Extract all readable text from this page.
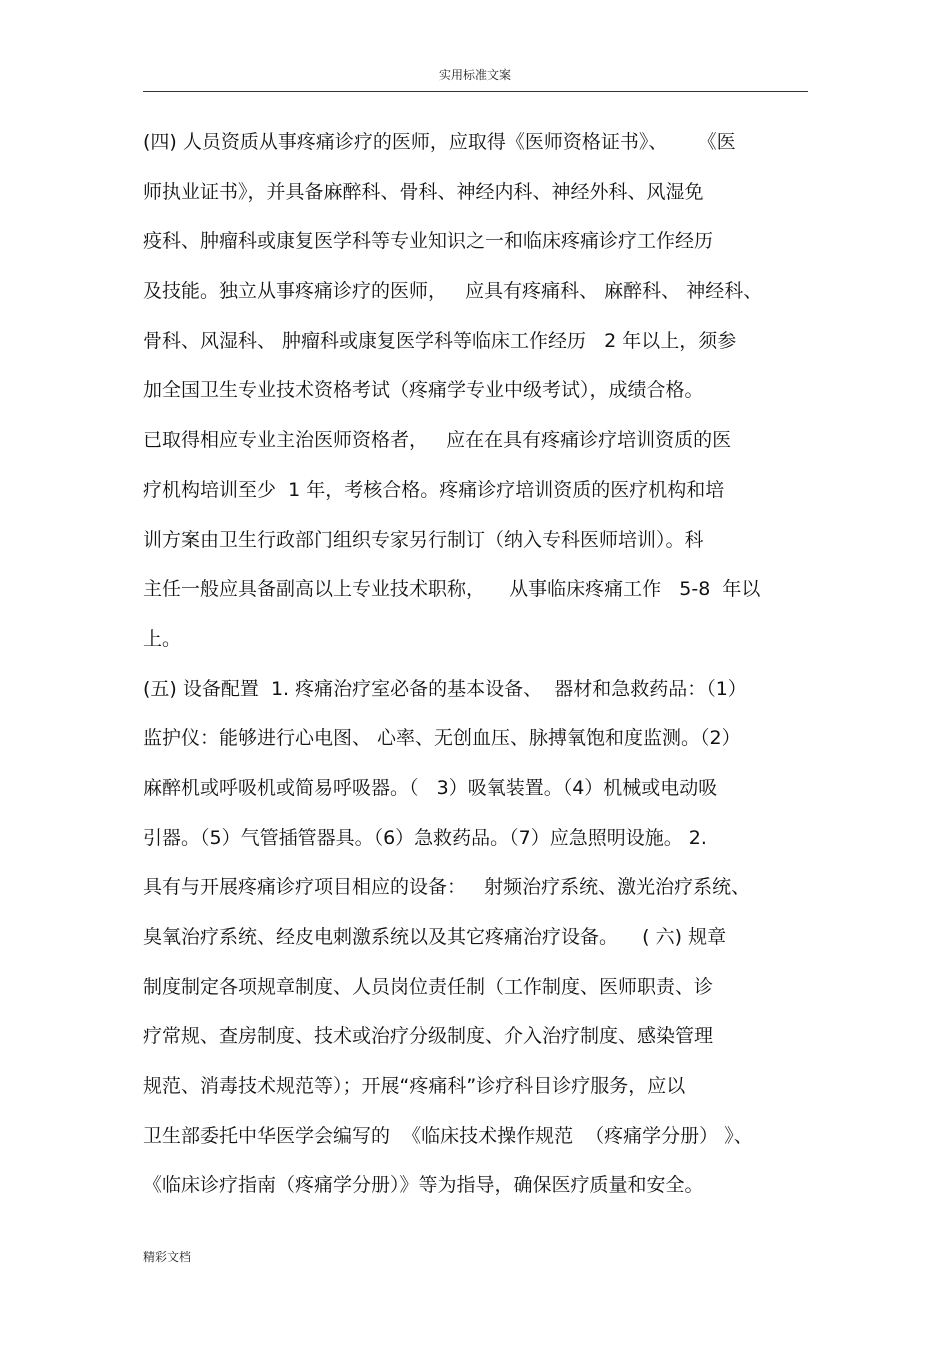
实用标准文案
(四) 人员资质从事疼痛诊疗的医师，应取得《医师资格证书》、     《医
师执业证书》，并具备麻醉科、骨科、神经内科、神经外科、风湿免
疫科、肿瘤科或康复医学科等专业知识之一和临床疼痛诊疗工作经历
及技能。独立从事疼痛诊疗的医师，   应具有疼痛科、 麻醉科、 神经科、
骨科、风湿科、 肿瘤科或康复医学科等临床工作经历   2 年以上，须参
加全国卫生专业技术资格考试（疼痛学专业中级考试），成绩合格。
已取得相应专业主治医师资格者，   应在在具有疼痛诊疗培训资质的医
疗机构培训至少  1 年，考核合格。疼痛诊疗培训资质的医疗机构和培
训方案由卫生行政部门组织专家另行制订（纳入专科医师培训）。科
主任一般应具备副高以上专业技术职称，    从事临床疼痛工作   5-8  年以
上。
(五) 设备配置  1. 疼痛治疗室必备的基本设备、  器材和急救药品：（1）
监护仪：能够进行心电图、 心率、无创血压、脉搏氧饱和度监测。（2）
麻醉机或呼吸机或简易呼吸器。（   3）吸氧装置。（4）机械或电动吸
引器。（5）气管插管器具。（6）急救药品。（7）应急照明设施。 2.
具有与开展疼痛诊疗项目相应的设备：   射频治疗系统、激光治疗系统、
臭氧治疗系统、经皮电刺激系统以及其它疼痛治疗设备。    ( 六) 规章
制度制定各项规章制度、人员岗位责任制（工作制度、医师职责、诊
疗常规、查房制度、技术或治疗分级制度、介入治疗制度、感染管理
规范、消毒技术规范等）；开展“疼痛科”诊疗科目诊疗服务，应以
卫生部委托中华医学会编写的  《临床技术操作规范  （疼痛学分册） 》、
《临床诊疗指南（疼痛学分册）》等为指导，确保医疗质量和安全。
精彩文档
